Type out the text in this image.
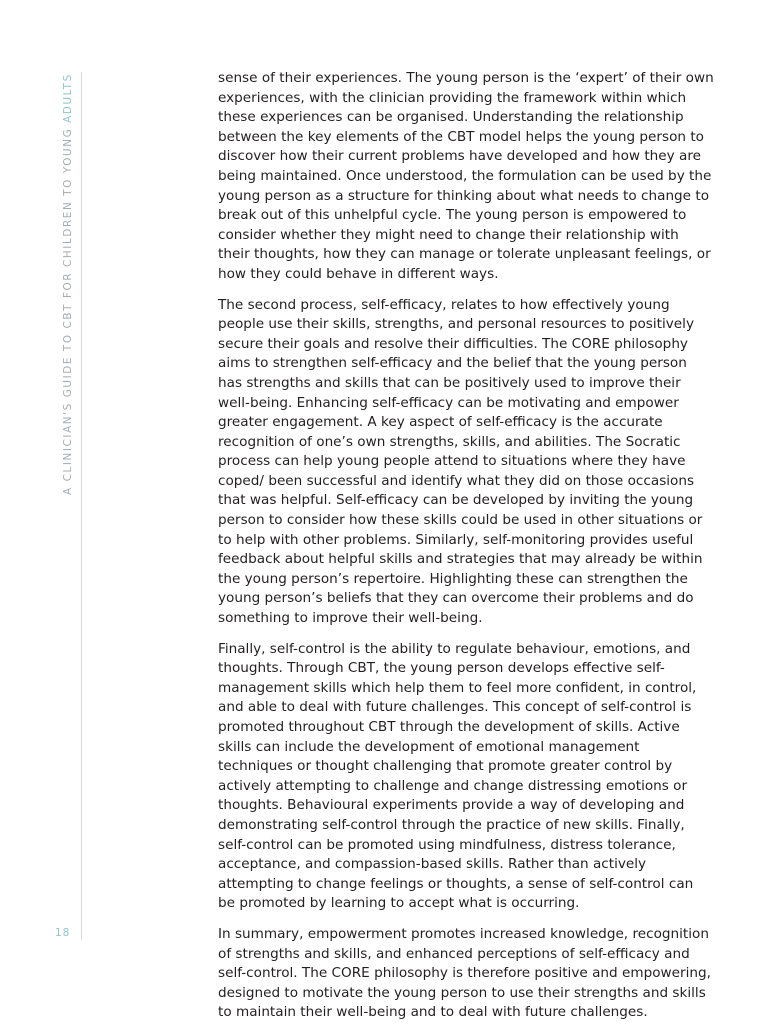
A CLINICIAN'S GUIDE TO CBT FOR CHILDREN TO YOUNG ADULTS
18

sense of their experiences. The young person is the ‘expert’ of their own experiences, with the clinician providing the framework within which these experiences can be organised. Understanding the relationship between the key elements of the CBT model helps the young person to discover how their current problems have developed and how they are being maintained. Once understood, the formulation can be used by the young person as a structure for thinking about what needs to change to break out of this unhelpful cycle. The young person is empowered to consider whether they might need to change their relationship with their thoughts, how they can manage or tolerate unpleasant feelings, or how they could behave in different ways.

The second process, self-efficacy, relates to how effectively young people use their skills, strengths, and personal resources to positively secure their goals and resolve their difficulties. The CORE philosophy aims to strengthen self-efficacy and the belief that the young person has strengths and skills that can be positively used to improve their well-being. Enhancing self-efficacy can be motivating and empower greater engagement. A key aspect of self-efficacy is the accurate recognition of one’s own strengths, skills, and abilities. The Socratic process can help young people attend to situations where they have coped/ been successful and identify what they did on those occasions that was helpful. Self-efficacy can be developed by inviting the young person to consider how these skills could be used in other situations or to help with other problems. Similarly, self-monitoring provides useful feedback about helpful skills and strategies that may already be within the young person’s repertoire. Highlighting these can strengthen the young person’s beliefs that they can overcome their problems and do something to improve their well-being.

Finally, self-control is the ability to regulate behaviour, emotions, and thoughts. Through CBT, the young person develops effective self-management skills which help them to feel more confident, in control, and able to deal with future challenges. This concept of self-control is promoted throughout CBT through the development of skills. Active skills can include the development of emotional management techniques or thought challenging that promote greater control by actively attempting to challenge and change distressing emotions or thoughts. Behavioural experiments provide a way of developing and demonstrating self-control through the practice of new skills. Finally, self-control can be promoted using mindfulness, distress tolerance, acceptance, and compassion-based skills. Rather than actively attempting to change feelings or thoughts, a sense of self-control can be promoted by learning to accept what is occurring.

In summary, empowerment promotes increased knowledge, recognition of strengths and skills, and enhanced perceptions of self-efficacy and self-control. The CORE philosophy is therefore positive and empowering, designed to motivate the young person to use their strengths and skills to maintain their well-being and to deal with future challenges.
